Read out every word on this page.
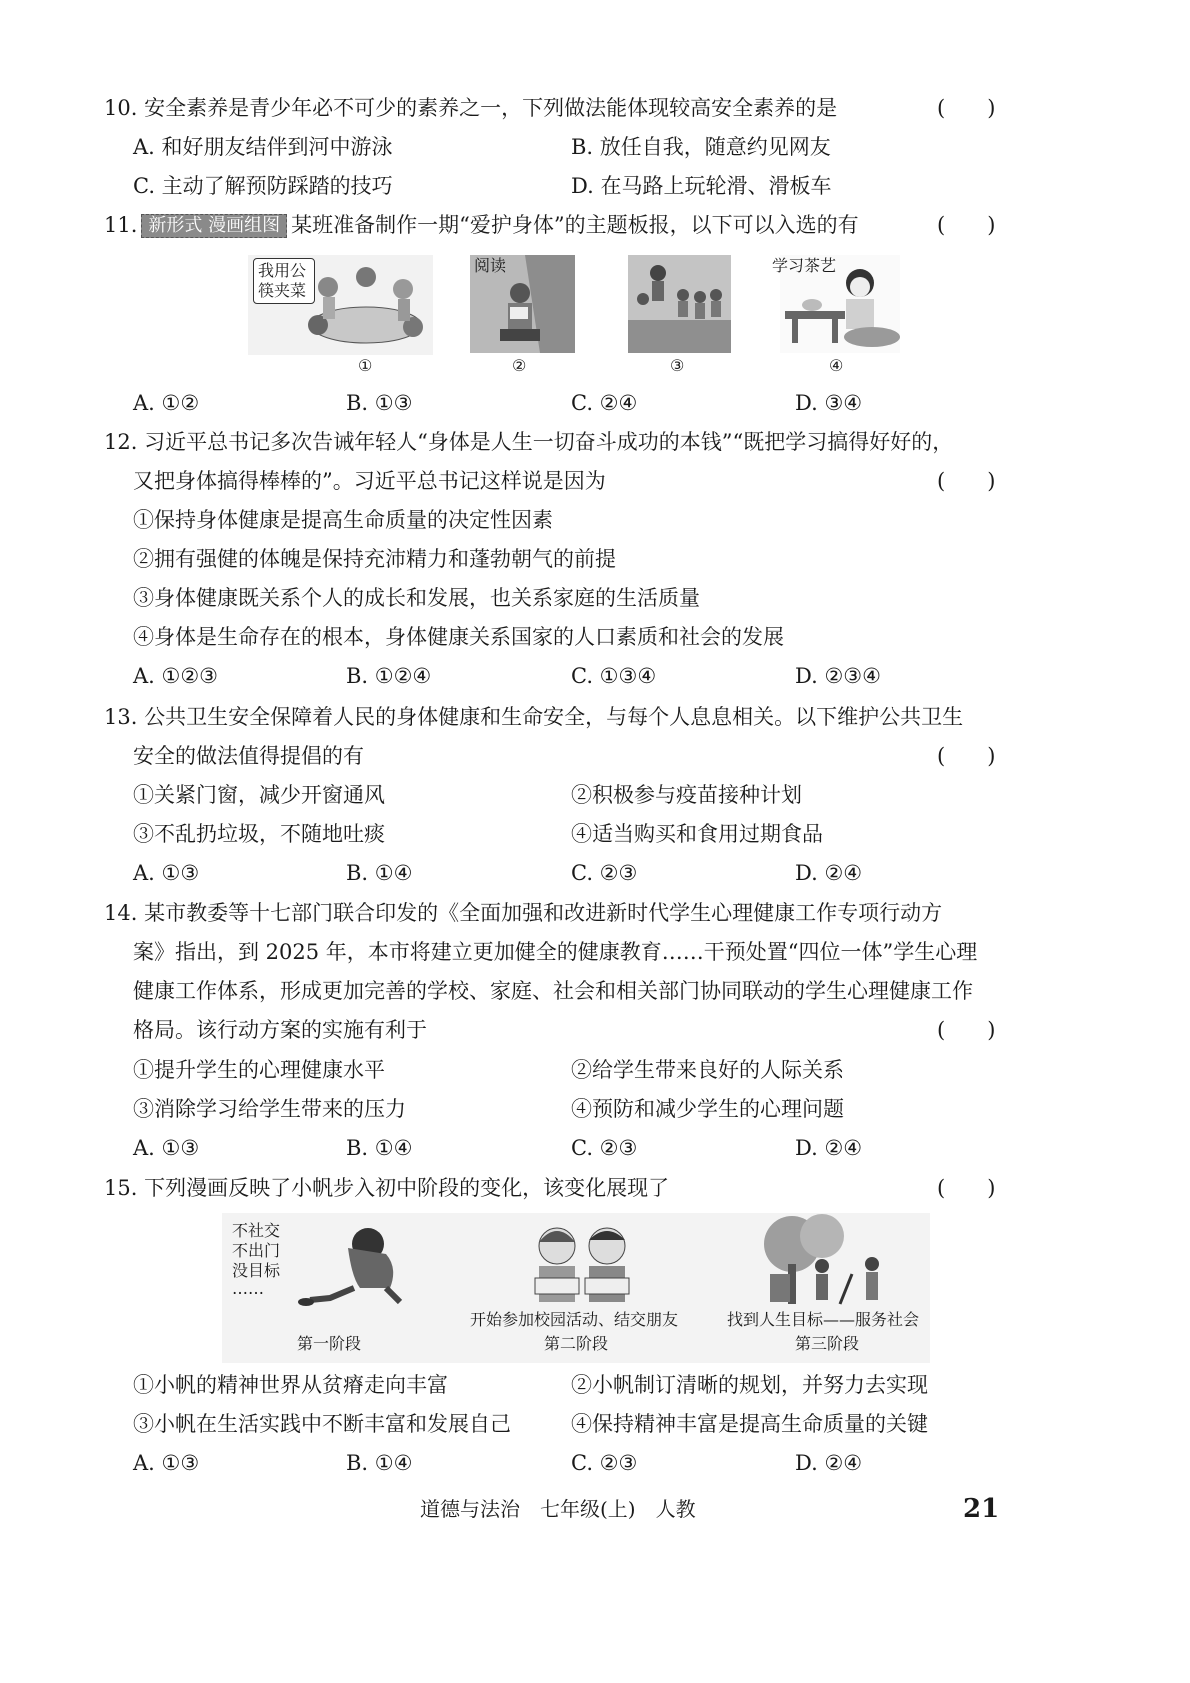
10. 安全素养是青少年必不可少的素养之一，下列做法能体现较高安全素养的是	(　　)
A. 和好朋友结伴到河中游泳	B. 放任自我，随意约见网友
C. 主动了解预防踩踏的技巧	D. 在马路上玩轮滑、滑板车
11. 新形式 漫画组图 某班准备制作一期“爱护身体”的主题板报，以下可以入选的有	(　　)
我用公筷夹菜
阅读	学习茶艺
①	②	③	④
A. ①②	B. ①③	C. ②④	D. ③④
12. 习近平总书记多次告诫年轻人“身体是人生一切奋斗成功的本钱”“既把学习搞得好好的，
又把身体搞得棒棒的”。习近平总书记这样说是因为	(　　)
①保持身体健康是提高生命质量的决定性因素
②拥有强健的体魄是保持充沛精力和蓬勃朝气的前提
③身体健康既关系个人的成长和发展，也关系家庭的生活质量
④身体是生命存在的根本，身体健康关系国家的人口素质和社会的发展
A. ①②③	B. ①②④	C. ①③④	D. ②③④
13. 公共卫生安全保障着人民的身体健康和生命安全，与每个人息息相关。以下维护公共卫生
安全的做法值得提倡的有	(　　)
①关紧门窗，减少开窗通风	②积极参与疫苗接种计划
③不乱扔垃圾，不随地吐痰	④适当购买和食用过期食品
A. ①③	B. ①④	C. ②③	D. ②④
14. 某市教委等十七部门联合印发的《全面加强和改进新时代学生心理健康工作专项行动方
案》指出，到 2025 年，本市将建立更加健全的健康教育……干预处置“四位一体”学生心理
健康工作体系，形成更加完善的学校、家庭、社会和相关部门协同联动的学生心理健康工作
格局。该行动方案的实施有利于	(　　)
①提升学生的心理健康水平	②给学生带来良好的人际关系
③消除学习给学生带来的压力	④预防和减少学生的心理问题
A. ①③	B. ①④	C. ②③	D. ②④
15. 下列漫画反映了小帆步入初中阶段的变化，该变化展现了	(　　)
不社交
不出门
没目标
……
开始参加校园活动、结交朋友	找到人生目标——服务社会
第一阶段	第二阶段	第三阶段
①小帆的精神世界从贫瘠走向丰富	②小帆制订清晰的规划，并努力去实现
③小帆在生活实践中不断丰富和发展自己	④保持精神丰富是提高生命质量的关键
A. ①③	B. ①④	C. ②③	D. ②④
道德与法治　七年级(上)　人教	21
